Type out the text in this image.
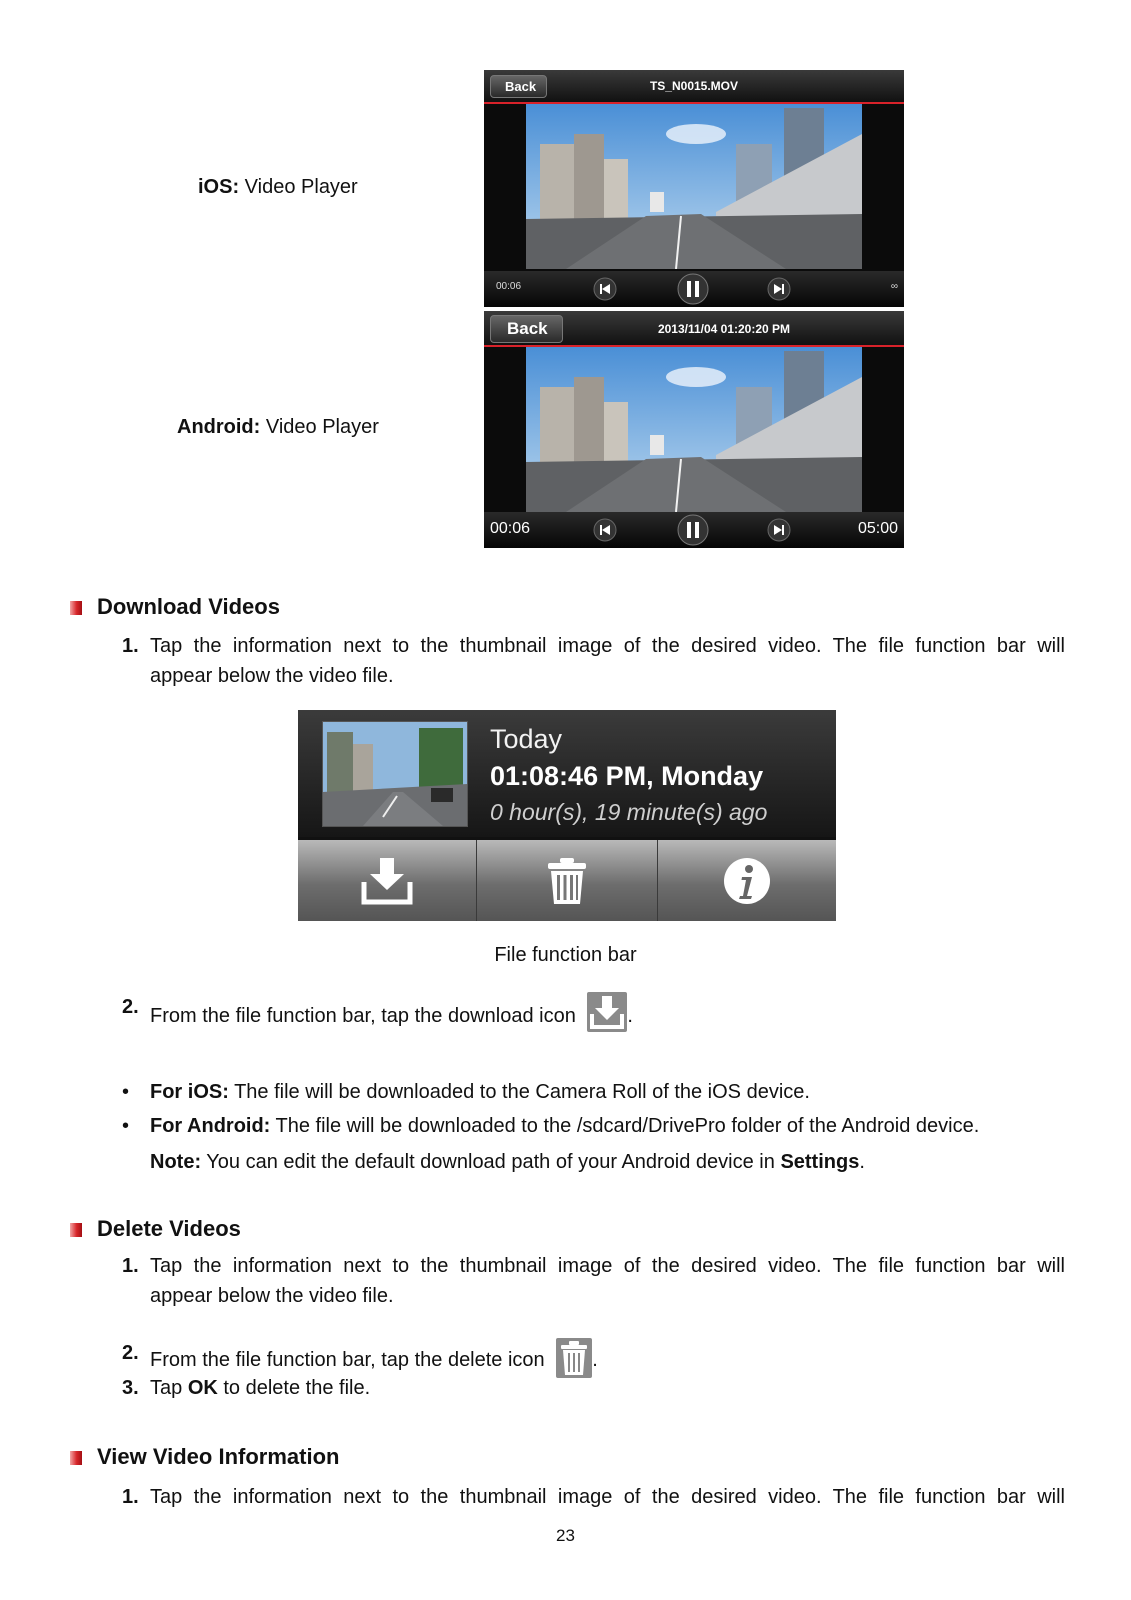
iOS: Video Player
Android: Video Player
Back	TS_N0015.MOV
00:06	∞
Back	2013/11/04 01:20:20 PM
00:06	05:00
Download Videos
1. Tap the information next to the thumbnail image of the desired video. The file function bar will
appear below the video file.
Today
01:08:46 PM, Monday
0 hour(s), 19 minute(s) ago
File function bar
2. From the file function bar, tap the download icon	.
• For iOS: The file will be downloaded to the Camera Roll of the iOS device.
• For Android: The file will be downloaded to the /sdcard/DrivePro folder of the Android device.
Note: You can edit the default download path of your Android device in Settings.
Delete Videos
1. Tap the information next to the thumbnail image of the desired video. The file function bar will
appear below the video file.
2. From the file function bar, tap the delete icon .
3. Tap OK to delete the file.
View Video Information
1. Tap the information next to the thumbnail image of the desired video. The file function bar will
23
